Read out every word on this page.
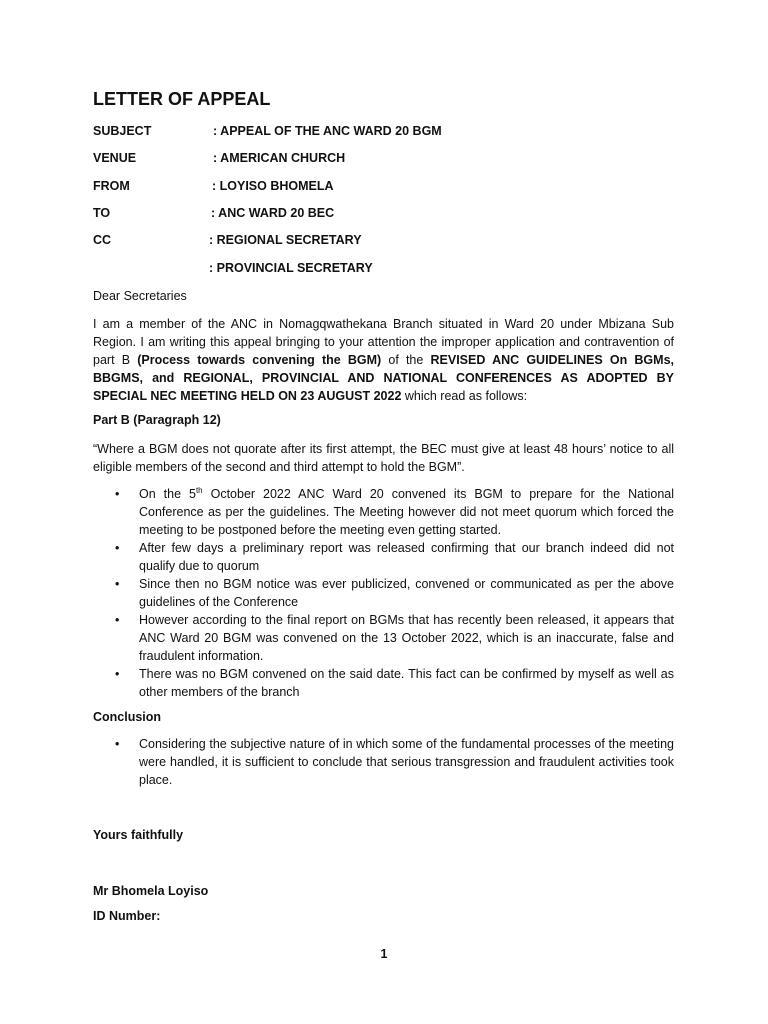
LETTER OF APPEAL
SUBJECT	: APPEAL OF THE ANC WARD 20 BGM
VENUE	: AMERICAN CHURCH
FROM	: LOYISO BHOMELA
TO	: ANC WARD 20 BEC
CC	: REGIONAL SECRETARY
: PROVINCIAL SECRETARY
Dear Secretaries
I am a member of the ANC in Nomagqwathekana Branch situated in Ward 20 under Mbizana Sub Region. I am writing this appeal bringing to your attention the improper application and contravention of part B (Process towards convening the BGM) of the REVISED ANC GUIDELINES On BGMs, BBGMS, and REGIONAL, PROVINCIAL AND NATIONAL CONFERENCES AS ADOPTED BY SPECIAL NEC MEETING HELD ON 23 AUGUST 2022 which read as follows:
Part B (Paragraph 12)
“Where a BGM does not quorate after its first attempt, the BEC must give at least 48 hours’ notice to all eligible members of the second and third attempt to hold the BGM”.
• On the 5th October 2022 ANC Ward 20 convened its BGM to prepare for the National Conference as per the guidelines. The Meeting however did not meet quorum which forced the meeting to be postponed before the meeting even getting started.
• After few days a preliminary report was released confirming that our branch indeed did not qualify due to quorum
• Since then no BGM notice was ever publicized, convened or communicated as per the above guidelines of the Conference
• However according to the final report on BGMs that has recently been released, it appears that ANC Ward 20 BGM was convened on the 13 October 2022, which is an inaccurate, false and fraudulent information.
• There was no BGM convened on the said date. This fact can be confirmed by myself as well as other members of the branch
Conclusion
• Considering the subjective nature of in which some of the fundamental processes of the meeting were handled, it is sufficient to conclude that serious transgression and fraudulent activities took place.
Yours faithfully
Mr Bhomela Loyiso
ID Number:
1
